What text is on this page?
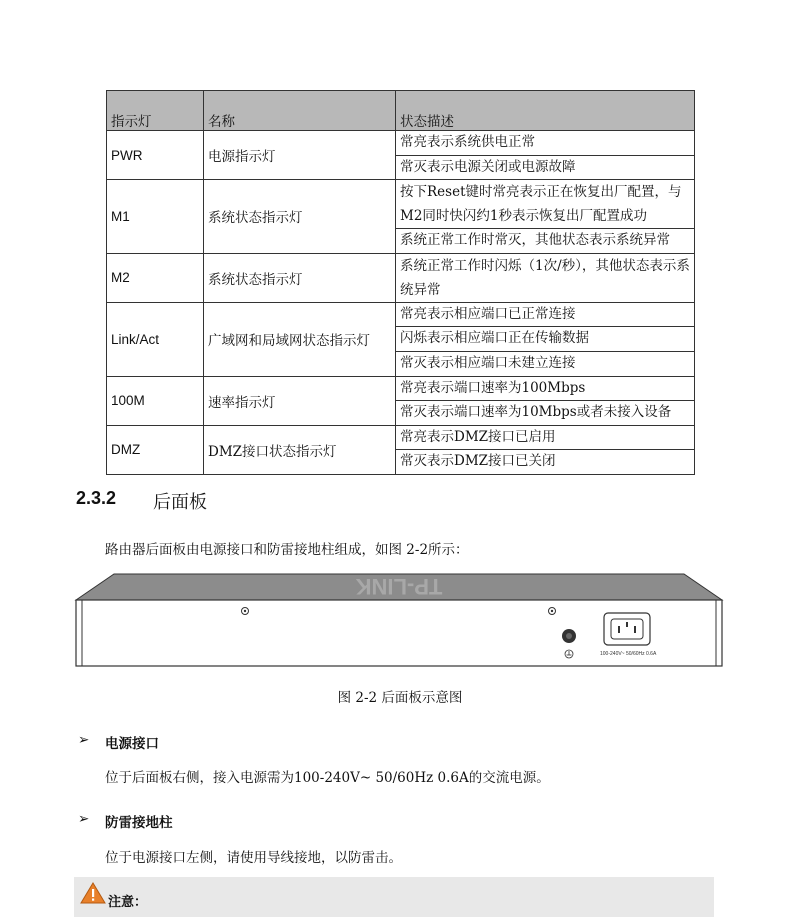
指示灯	名称	状态描述
PWR	电源指示灯	常亮表示系统供电正常
		常灭表示电源关闭或电源故障
M1	系统状态指示灯	按下Reset键时常亮表示正在恢复出厂配置，与M2同时快闪约1秒表示恢复出厂配置成功
		系统正常工作时常灭，其他状态表示系统异常
M2	系统状态指示灯	系统正常工作时闪烁（1次/秒），其他状态表示系统异常
Link/Act	广域网和局域网状态指示灯	常亮表示相应端口已正常连接
		闪烁表示相应端口正在传输数据
		常灭表示相应端口未建立连接
100M	速率指示灯	常亮表示端口速率为100Mbps
		常灭表示端口速率为10Mbps或者未接入设备
DMZ	DMZ接口状态指示灯	常亮表示DMZ接口已启用
		常灭表示DMZ接口已关闭
2.3.2 后面板
路由器后面板由电源接口和防雷接地柱组成，如图 2-2所示：
TP-LINK
100-240V~ 50/60Hz 0.6A
图 2-2 后面板示意图
➢ 电源接口
位于后面板右侧，接入电源需为100-240V~ 50/60Hz 0.6A的交流电源。
➢ 防雷接地柱
位于电源接口左侧，请使用导线接地，以防雷击。
注意：
